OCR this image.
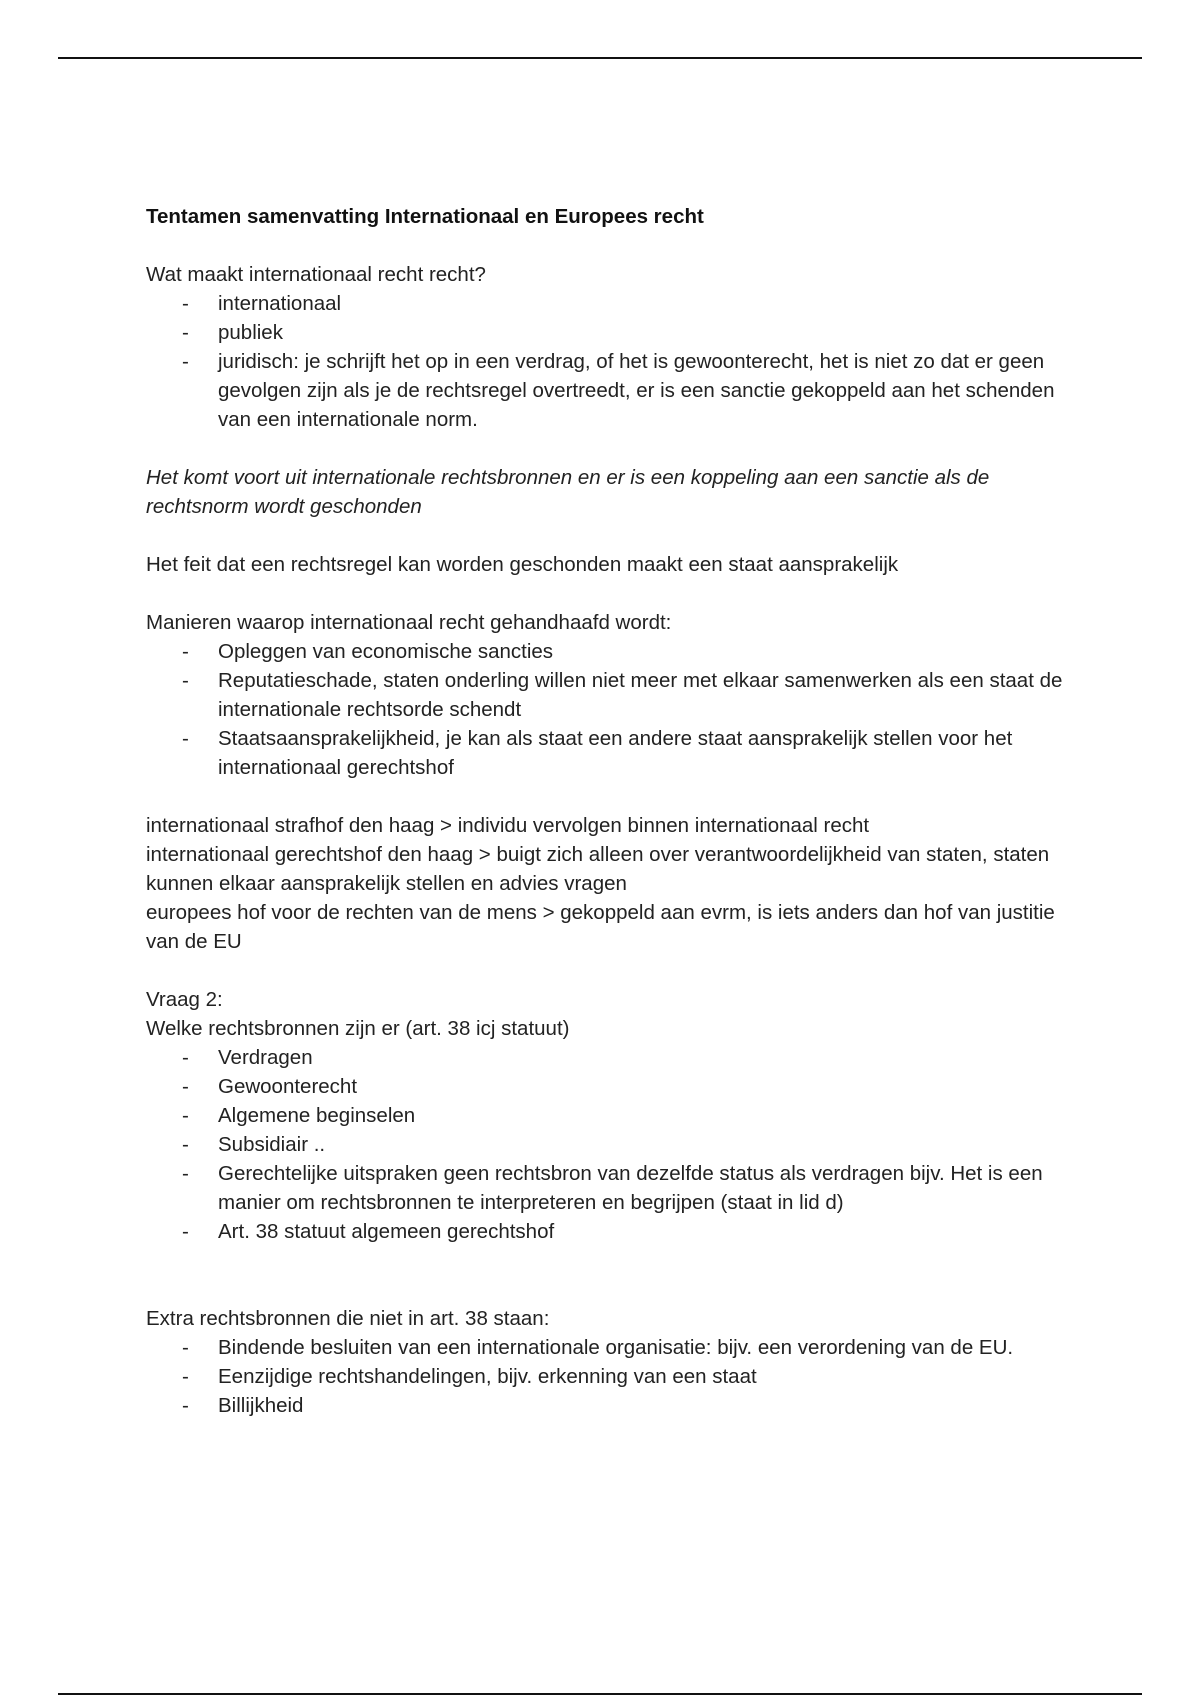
Tentamen samenvatting Internationaal en Europees recht

Wat maakt internationaal recht recht?

- internationaal
- publiek
- juridisch: je schrijft het op in een verdrag, of het is gewoonterecht, het is niet zo dat er geen gevolgen zijn als je de rechtsregel overtreedt, er is een sanctie gekoppeld aan het schenden van een internationale norm.

Het komt voort uit internationale rechtsbronnen en er is een koppeling aan een sanctie als de rechtsnorm wordt geschonden

Het feit dat een rechtsregel kan worden geschonden maakt een staat aansprakelijk

Manieren waarop internationaal recht gehandhaafd wordt:

- Opleggen van economische sancties
- Reputatieschade, staten onderling willen niet meer met elkaar samenwerken als een staat de internationale rechtsorde schendt
- Staatsaansprakelijkheid, je kan als staat een andere staat aansprakelijk stellen voor het internationaal gerechtshof

internationaal strafhof den haag > individu vervolgen binnen internationaal recht

internationaal gerechtshof den haag > buigt zich alleen over verantwoordelijkheid van staten, staten kunnen elkaar aansprakelijk stellen en advies vragen

europees hof voor de rechten van de mens > gekoppeld aan evrm, is iets anders dan hof van justitie van de EU

Vraag 2:

Welke rechtsbronnen zijn er (art. 38 icj statuut)

- Verdragen
- Gewoonterecht
- Algemene beginselen
- Subsidiair ..
- Gerechtelijke uitspraken geen rechtsbron van dezelfde status als verdragen bijv. Het is een manier om rechtsbronnen te interpreteren en begrijpen (staat in lid d)
- Art. 38 statuut algemeen gerechtshof

Extra rechtsbronnen die niet in art. 38 staan:

- Bindende besluiten van een internationale organisatie: bijv. een verordening van de EU.
- Eenzijdige rechtshandelingen, bijv. erkenning van een staat
- Billijkheid
